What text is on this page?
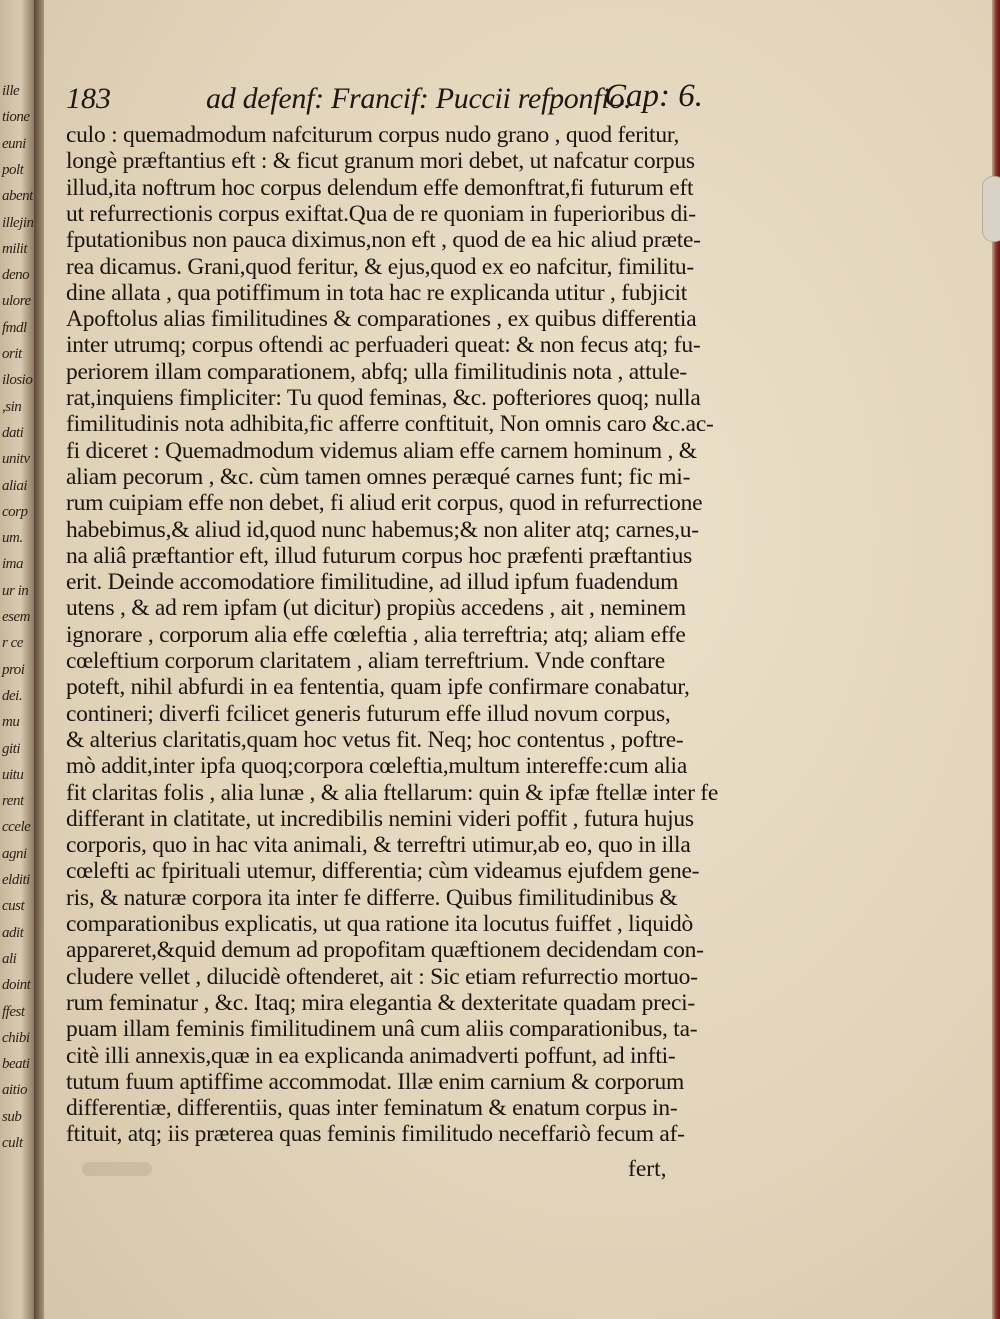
ille
tione
euni
polt
abent
illejin
milit
deno
ulore
fmdl
orit
ilosio
,sin
dati
unitv
aliai
corp
um.
ima
ur in
esem
r ce
proi
dei.
mu
giti
uitu
rent
ccele
agni
elditi
cust
adit
ali
doint
ffest
chibi
beati
aitio
sub
cult
183	ad defenf: Francif: Puccii refponfio.
Cap: 6.
culo : quemadmodum nafciturum corpus nudo grano , quod feritur,
longè præftantius eft : & ficut granum mori debet, ut nafcatur corpus
illud,ita noftrum hoc corpus delendum effe demonftrat,fi futurum eft
ut refurrectionis corpus exiftat.Qua de re quoniam in fuperioribus di-
fputationibus non pauca diximus,non eft , quod de ea hic aliud præte-
rea dicamus. Grani,quod feritur, & ejus,quod ex eo nafcitur, fimilitu-
dine allata , qua potiffimum in tota hac re explicanda utitur , fubjicit
Apoftolus alias fimilitudines & comparationes , ex quibus differentia
inter utrumq; corpus oftendi ac perfuaderi queat: & non fecus atq; fu-
periorem illam comparationem, abfq; ulla fimilitudinis nota , attule-
rat,inquiens fimpliciter: Tu quod feminas, &c. pofteriores quoq; nulla
fimilitudinis nota adhibita,fic afferre conftituit, Non omnis caro &c.ac-
fi diceret : Quemadmodum videmus aliam effe carnem hominum , &
aliam pecorum , &c. cùm tamen omnes peræqué carnes funt; fic mi-
rum cuipiam effe non debet, fi aliud erit corpus, quod in refurrectione
habebimus,& aliud id,quod nunc habemus;& non aliter atq; carnes,u-
na aliâ præftantior eft, illud futurum corpus hoc præfenti præftantius
erit. Deinde accomodatiore fimilitudine, ad illud ipfum fuadendum
utens , & ad rem ipfam (ut dicitur) propiùs accedens , ait , neminem
ignorare , corporum alia effe cœleftia , alia terreftria; atq; aliam effe
cœleftium corporum claritatem , aliam terreftrium. Vnde conftare
poteft, nihil abfurdi in ea fententia, quam ipfe confirmare conabatur,
contineri; diverfi fcilicet generis futurum effe illud novum corpus,
& alterius claritatis,quam hoc vetus fit. Neq; hoc contentus , poftre-
mò addit,inter ipfa quoq;corpora cœleftia,multum intereffe:cum alia
fit claritas folis , alia lunæ , & alia ftellarum: quin & ipfæ ftellæ inter fe
differant in clatitate, ut incredibilis nemini videri poffit , futura hujus
corporis, quo in hac vita animali, & terreftri utimur,ab eo, quo in illa
cœlefti ac fpirituali utemur, differentia; cùm videamus ejufdem gene-
ris, & naturæ corpora ita inter fe differre. Quibus fimilitudinibus &
comparationibus explicatis, ut qua ratione ita locutus fuiffet , liquidò
appareret,&quid demum ad propofitam quæftionem decidendam con-
cludere vellet , dilucidè oftenderet, ait : Sic etiam refurrectio mortuo-
rum feminatur , &c. Itaq; mira elegantia & dexteritate quadam preci-
puam illam feminis fimilitudinem unâ cum aliis comparationibus, ta-
citè illi annexis,quæ in ea explicanda animadverti poffunt, ad infti-
tutum fuum aptiffime accommodat. Illæ enim carnium & corporum
differentiæ, differentiis, quas inter feminatum & enatum corpus in-
ftituit, atq; iis præterea quas feminis fimilitudo neceffariò fecum af-
fert,
